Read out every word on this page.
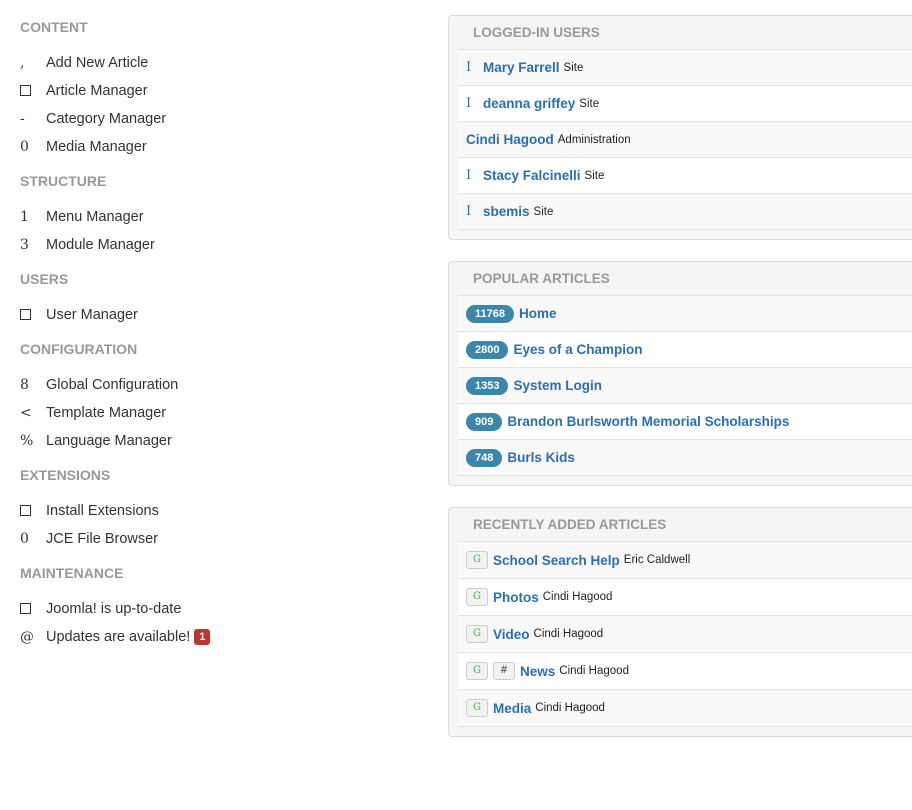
CONTENT
,	Add New Article
Article Manager
-	Category Manager
0	Media Manager
STRUCTURE
1	Menu Manager
3	Module Manager
USERS
User Manager
CONFIGURATION
8	Global Configuration
< Template Manager
% Language Manager
EXTENSIONS
Install Extensions
0	JCE File Browser
MAINTENANCE
Joomla! is up-to-date
@ Updates are available! 1
LOGGED-IN USERS
I Mary Farrell Site
I deanna griffey Site
Cindi Hagood Administration
I Stacy Falcinelli Site
I sbemis Site
POPULAR ARTICLES
11768	Home
2800	Eyes of a Champion
1353	System Login
909	Brandon Burlsworth Memorial Scholarships
748	Burls Kids
RECENTLY ADDED ARTICLES
G School Search Help Eric Caldwell
G Photos Cindi Hagood
G Video Cindi Hagood
G	# News Cindi Hagood
G Media Cindi Hagood
